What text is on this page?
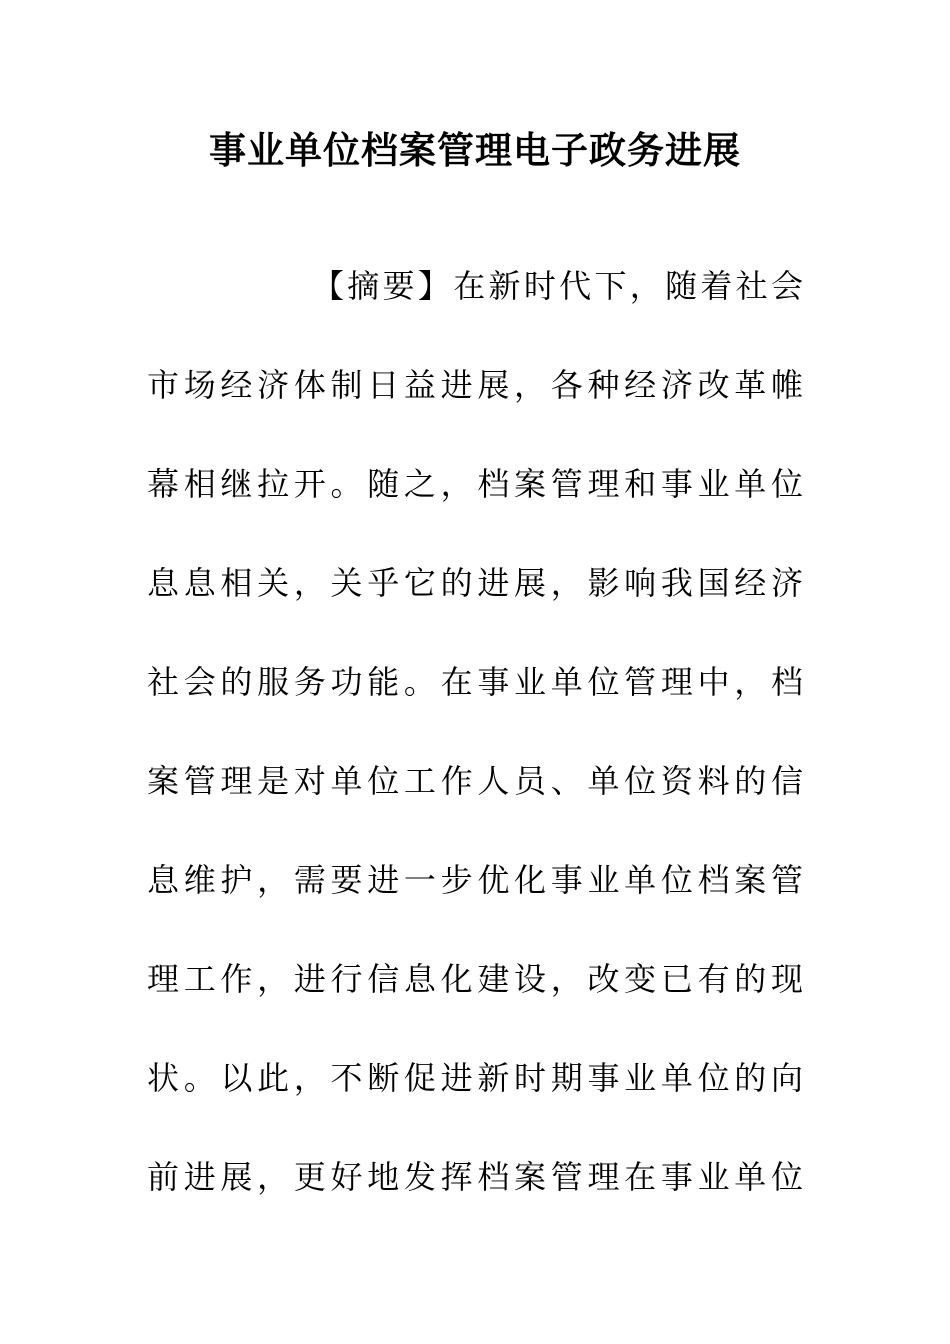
事业单位档案管理电子政务进展
【摘要】在新时代下，随着社会
市场经济体制日益进展，各种经济改革帷
幕相继拉开。随之，档案管理和事业单位
息息相关，关乎它的进展，影响我国经济
社会的服务功能。在事业单位管理中，档
案管理是对单位工作人员、单位资料的信
息维护，需要进一步优化事业单位档案管
理工作，进行信息化建设，改变已有的现
状。以此，不断促进新时期事业单位的向
前进展，更好地发挥档案管理在事业单位
